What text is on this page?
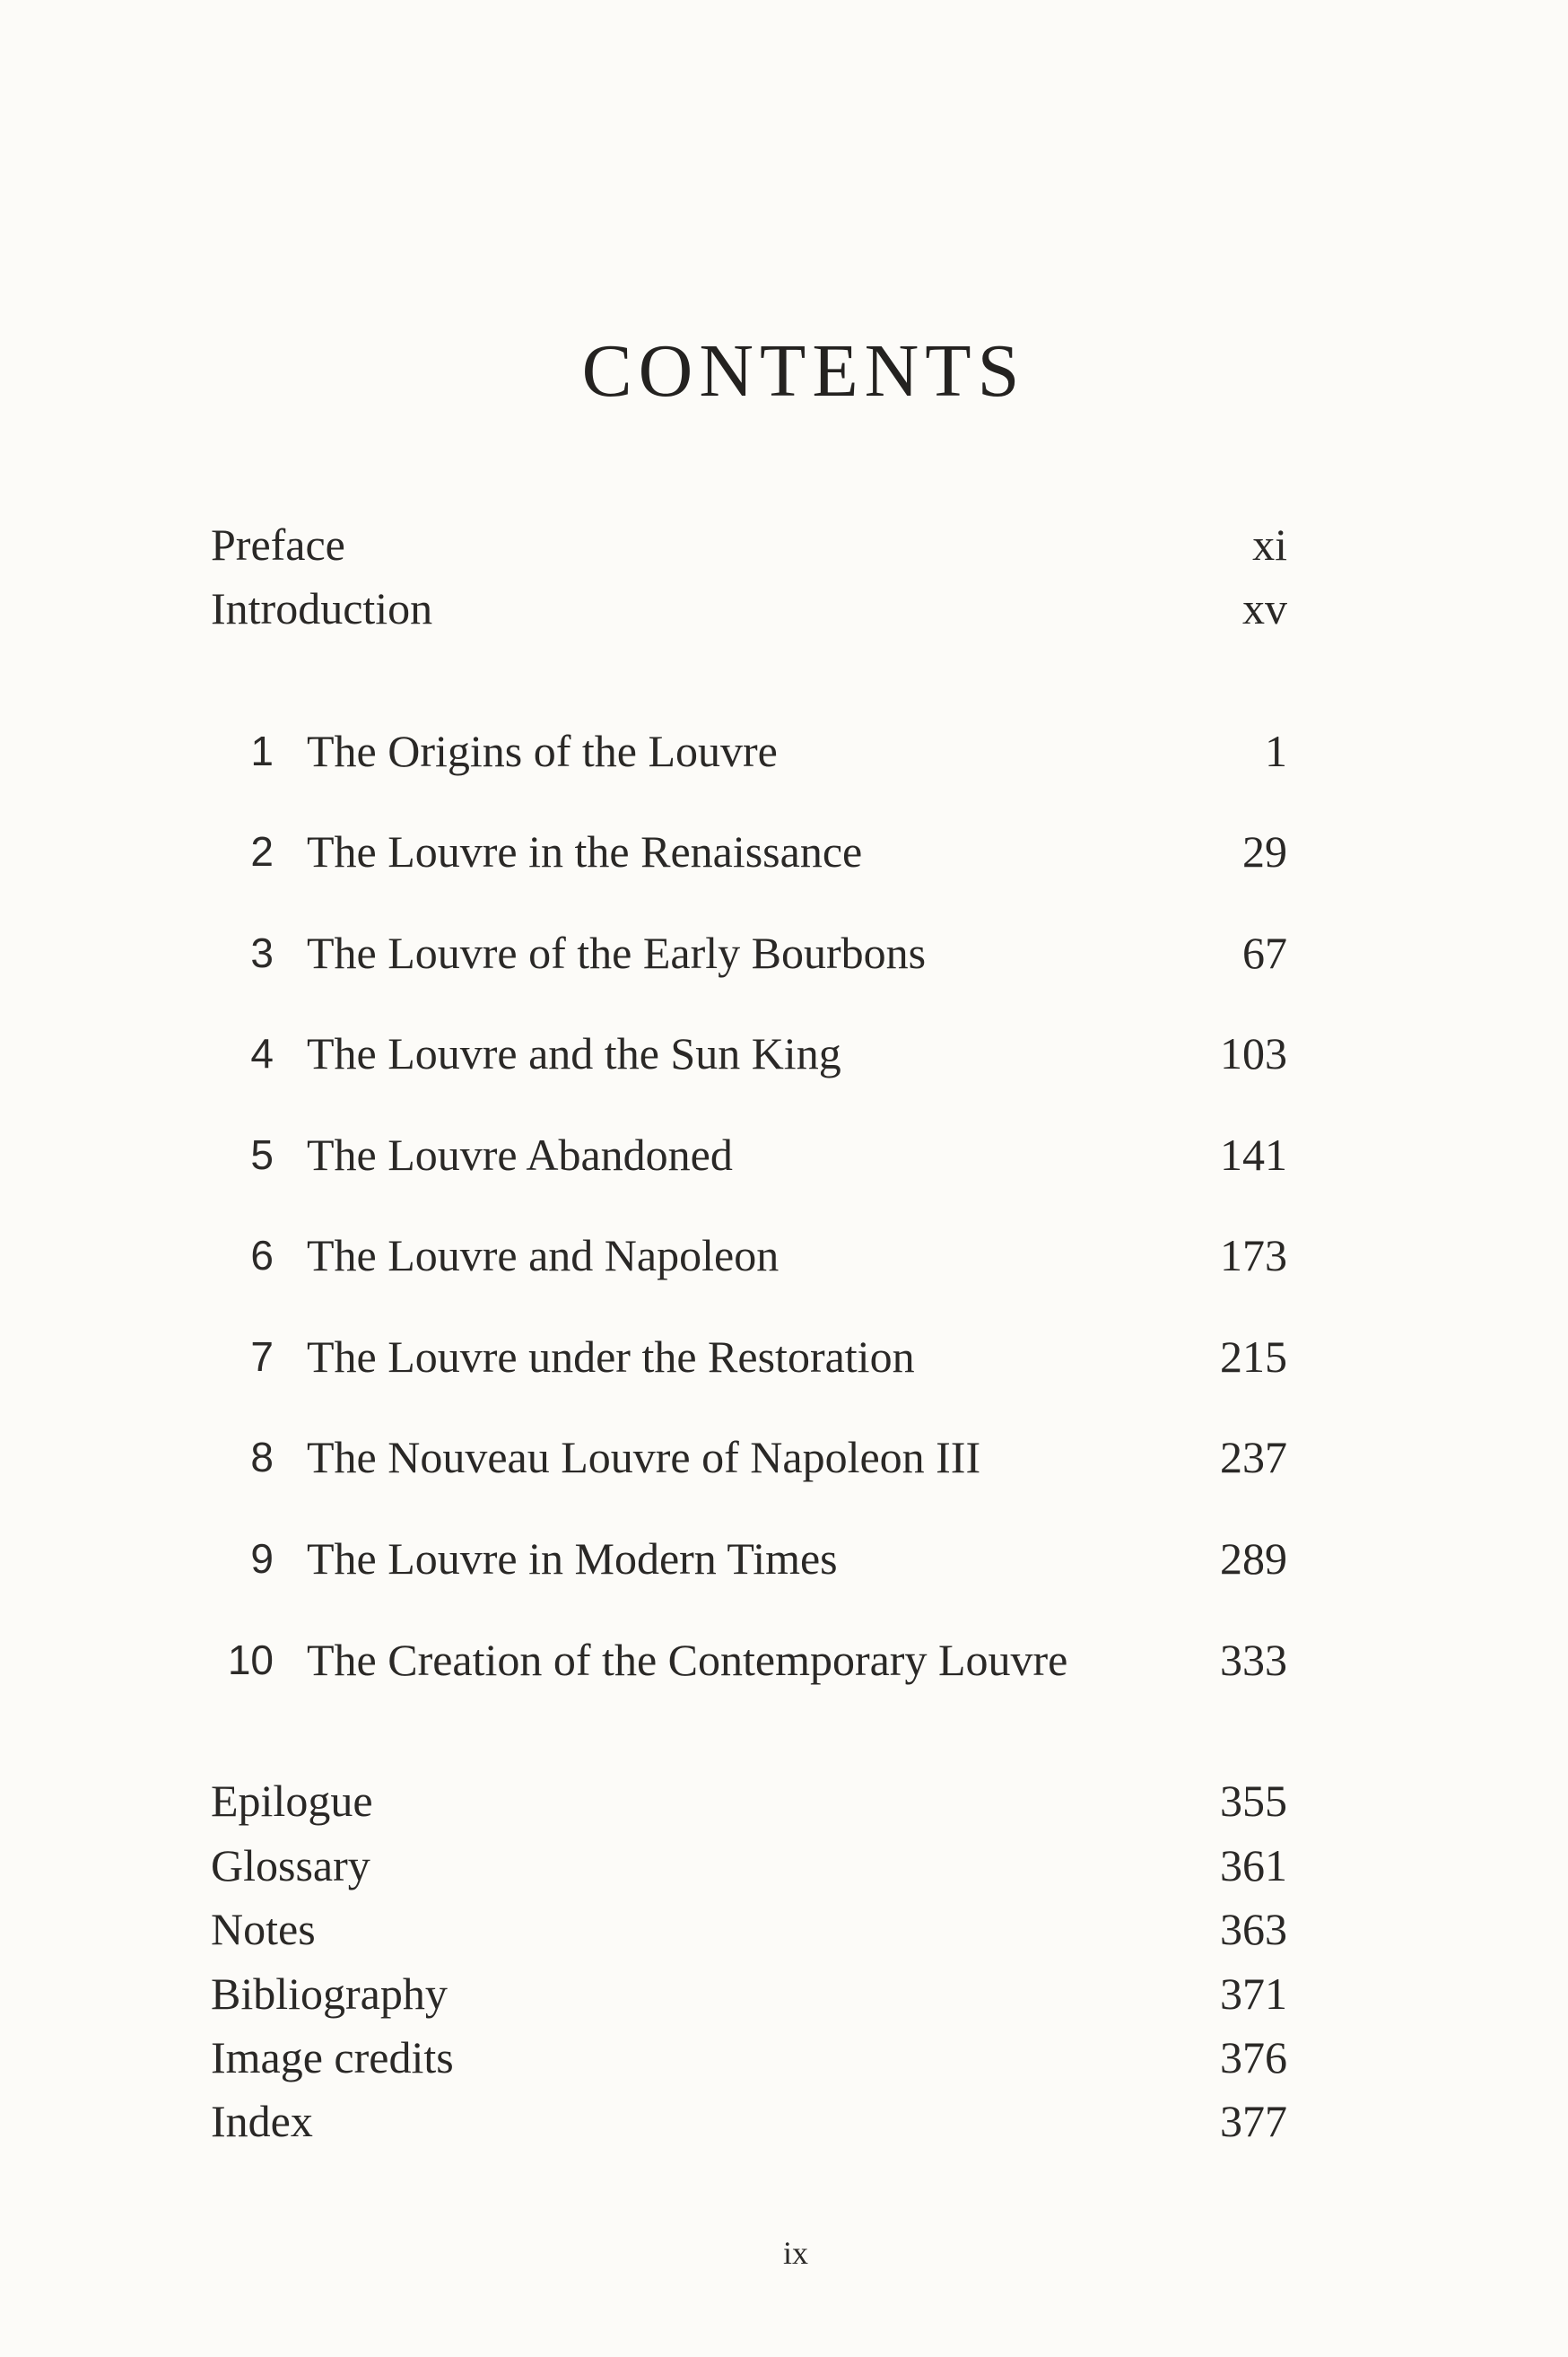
CONTENTS
Preface	xi
Introduction	xv
1 The Origins of the Louvre	1
2 The Louvre in the Renaissance	29
3 The Louvre of the Early Bourbons	67
4 The Louvre and the Sun King	103
5 The Louvre Abandoned	141
6 The Louvre and Napoleon	173
7 The Louvre under the Restoration	215
8 The Nouveau Louvre of Napoleon III	237
9 The Louvre in Modern Times	289
10 The Creation of the Contemporary Louvre	333
Epilogue	355
Glossary	361
Notes	363
Bibliography	371
Image credits	376
Index	377
ix
